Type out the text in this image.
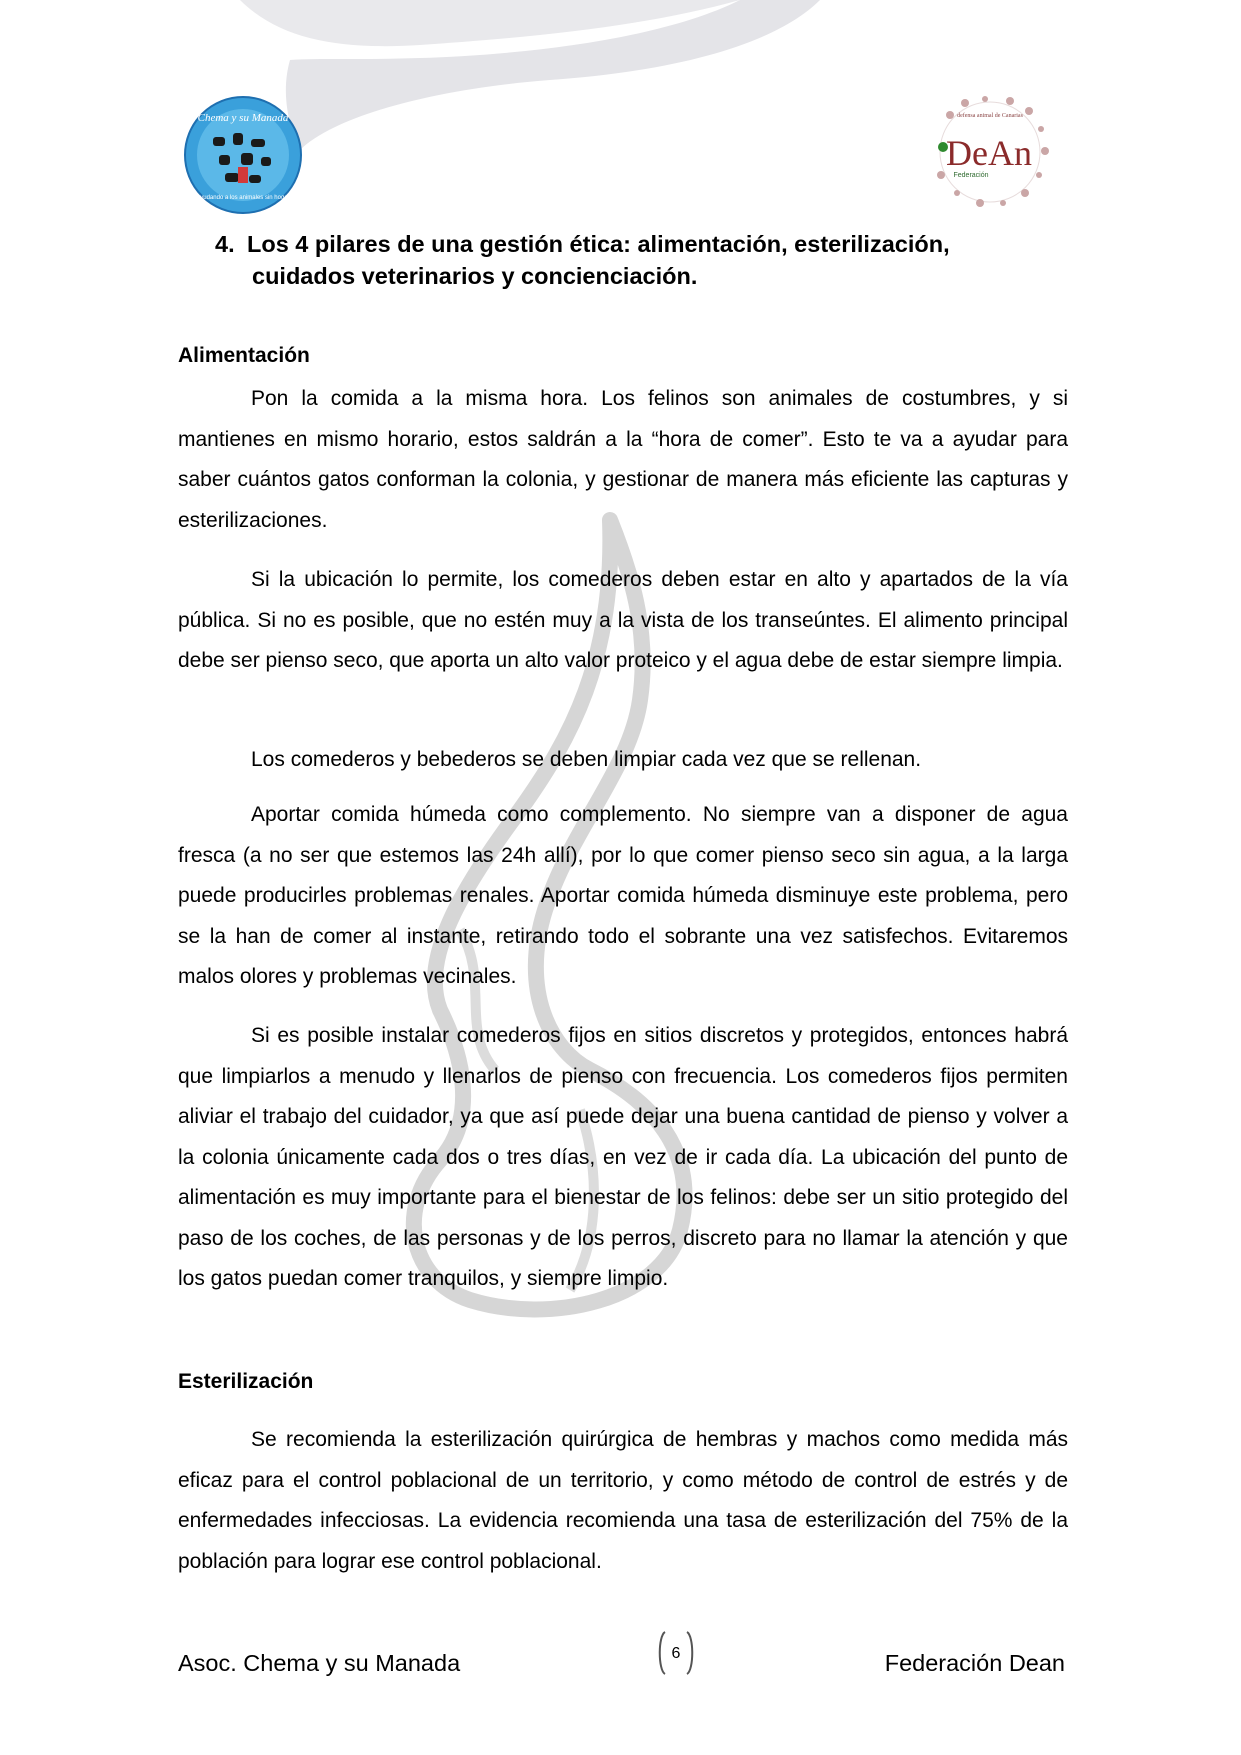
Chema y su Manada
Ayudando a los animales sin hogar
defensa animal de Canarias
DeAn
Federación
4. Los 4 pilares de una gestión ética: alimentación, esterilización,
cuidados veterinarios y concienciación.
Alimentación
Pon la comida a la misma hora. Los felinos son animales de costumbres, y si mantienes en mismo horario, estos saldrán a la “hora de comer”. Esto te va a ayudar para saber cuántos gatos conforman la colonia, y gestionar de manera más eficiente las capturas y esterilizaciones.
Si la ubicación lo permite, los comederos deben estar en alto y apartados de la vía pública. Si no es posible, que no estén muy a la vista de los transeúntes. El alimento principal debe ser pienso seco, que aporta un alto valor proteico y el agua debe de estar siempre limpia.
Los comederos y bebederos se deben limpiar cada vez que se rellenan.
Aportar comida húmeda como complemento. No siempre van a disponer de agua fresca (a no ser que estemos las 24h allí), por lo que comer pienso seco sin agua, a la larga puede producirles problemas renales. Aportar comida húmeda disminuye este problema, pero se la han de comer al instante, retirando todo el sobrante una vez satisfechos. Evitaremos malos olores y problemas vecinales.
Si es posible instalar comederos fijos en sitios discretos y protegidos, entonces habrá que limpiarlos a menudo y llenarlos de pienso con frecuencia. Los comederos fijos permiten aliviar el trabajo del cuidador, ya que así puede dejar una buena cantidad de pienso y volver a la colonia únicamente cada dos o tres días, en vez de ir cada día. La ubicación del punto de alimentación es muy importante para el bienestar de los felinos: debe ser un sitio protegido del paso de los coches, de las personas y de los perros, discreto para no llamar la atención y que los gatos puedan comer tranquilos, y siempre limpio.
Esterilización
Se recomienda la esterilización quirúrgica de hembras y machos como medida más eficaz para el control poblacional de un territorio, y como método de control de estrés y de enfermedades infecciosas. La evidencia recomienda una tasa de esterilización del 75% de la población para lograr ese control poblacional.
Asoc. Chema y su Manada	6	Federación Dean
